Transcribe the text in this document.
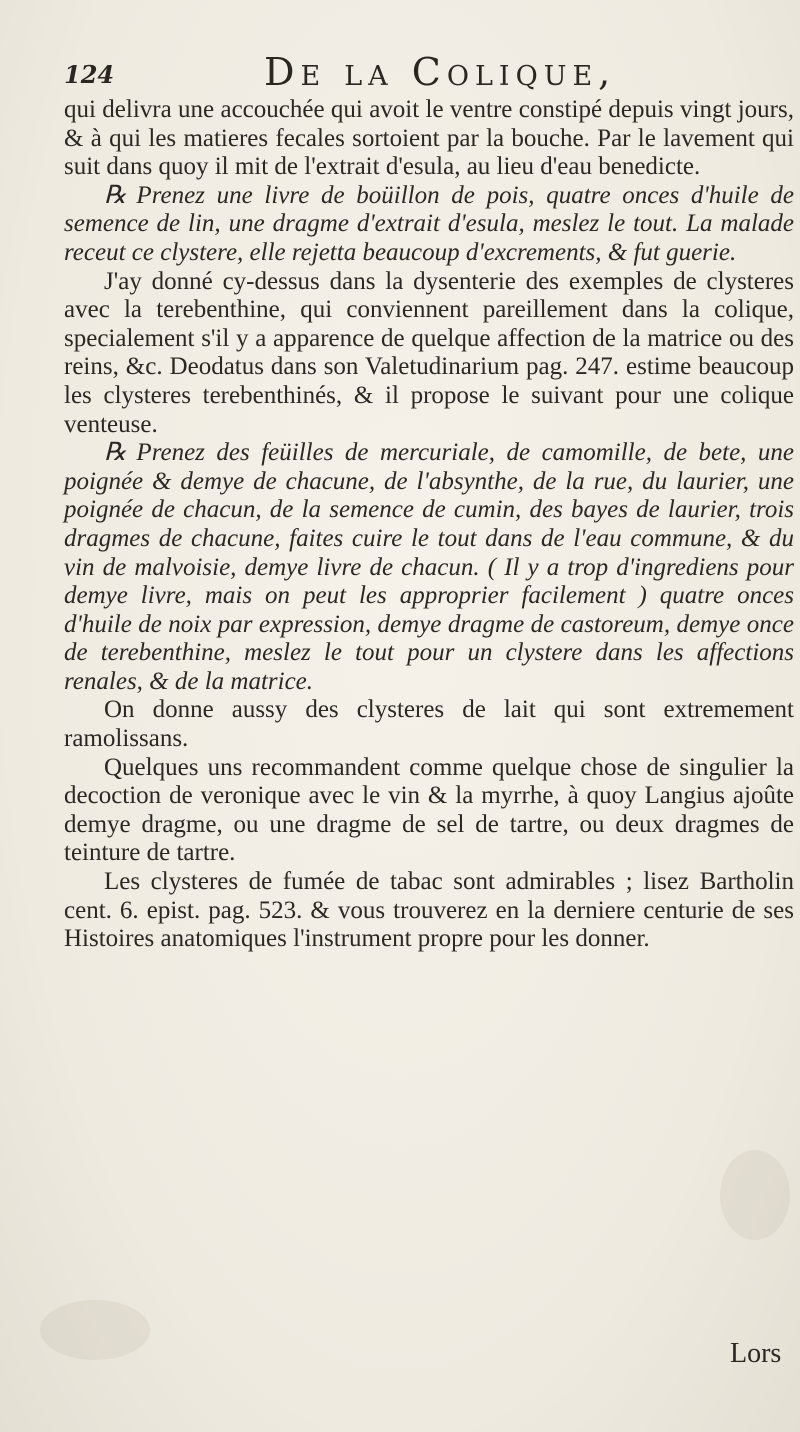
124	De la Colique,

qui delivra une accouchée qui avoit le ventre constipé depuis vingt jours, & à qui les matieres fecales sortoient par la bouche. Par le lavement qui suit dans quoy il mit de l'extrait d'esula, au lieu d'eau benedicte.

℞ Prenez une livre de boüillon de pois, quatre onces d'huile de semence de lin, une dragme d'extrait d'esula, meslez le tout. La malade receut ce clystere, elle rejetta beaucoup d'excrements, & fut guerie.

J'ay donné cy-dessus dans la dysenterie des exemples de clysteres avec la terebenthine, qui conviennent pareillement dans la colique, specialement s'il y a apparence de quelque affection de la matrice ou des reins, &c. Deodatus dans son Valetudinarium pag. 247. estime beaucoup les clysteres terebenthinés, & il propose le suivant pour une colique venteuse.

℞ Prenez des feüilles de mercuriale, de camomille, de bete, une poignée & demye de chacune, de l'absynthe, de la rue, du laurier, une poignée de chacun, de la semence de cumin, des bayes de laurier, trois dragmes de chacune, faites cuire le tout dans de l'eau commune, & du vin de malvoisie, demye livre de chacun. ( Il y a trop d'ingrediens pour demye livre, mais on peut les approprier facilement ) quatre onces d'huile de noix par expression, demye dragme de castoreum, demye once de terebenthine, meslez le tout pour un clystere dans les affections renales, & de la matrice.

On donne aussy des clysteres de lait qui sont extremement ramolissans.

Quelques uns recommandent comme quelque chose de singulier la decoction de veronique avec le vin & la myrrhe, à quoy Langius ajoûte demye dragme, ou une dragme de sel de tartre, ou deux dragmes de teinture de tartre.

Les clysteres de fumée de tabac sont admirables ; lisez Bartholin cent. 6. epist. pag. 523. & vous trouverez en la derniere centurie de ses Histoires anatomiques l'instrument propre pour les donner.

Lors
